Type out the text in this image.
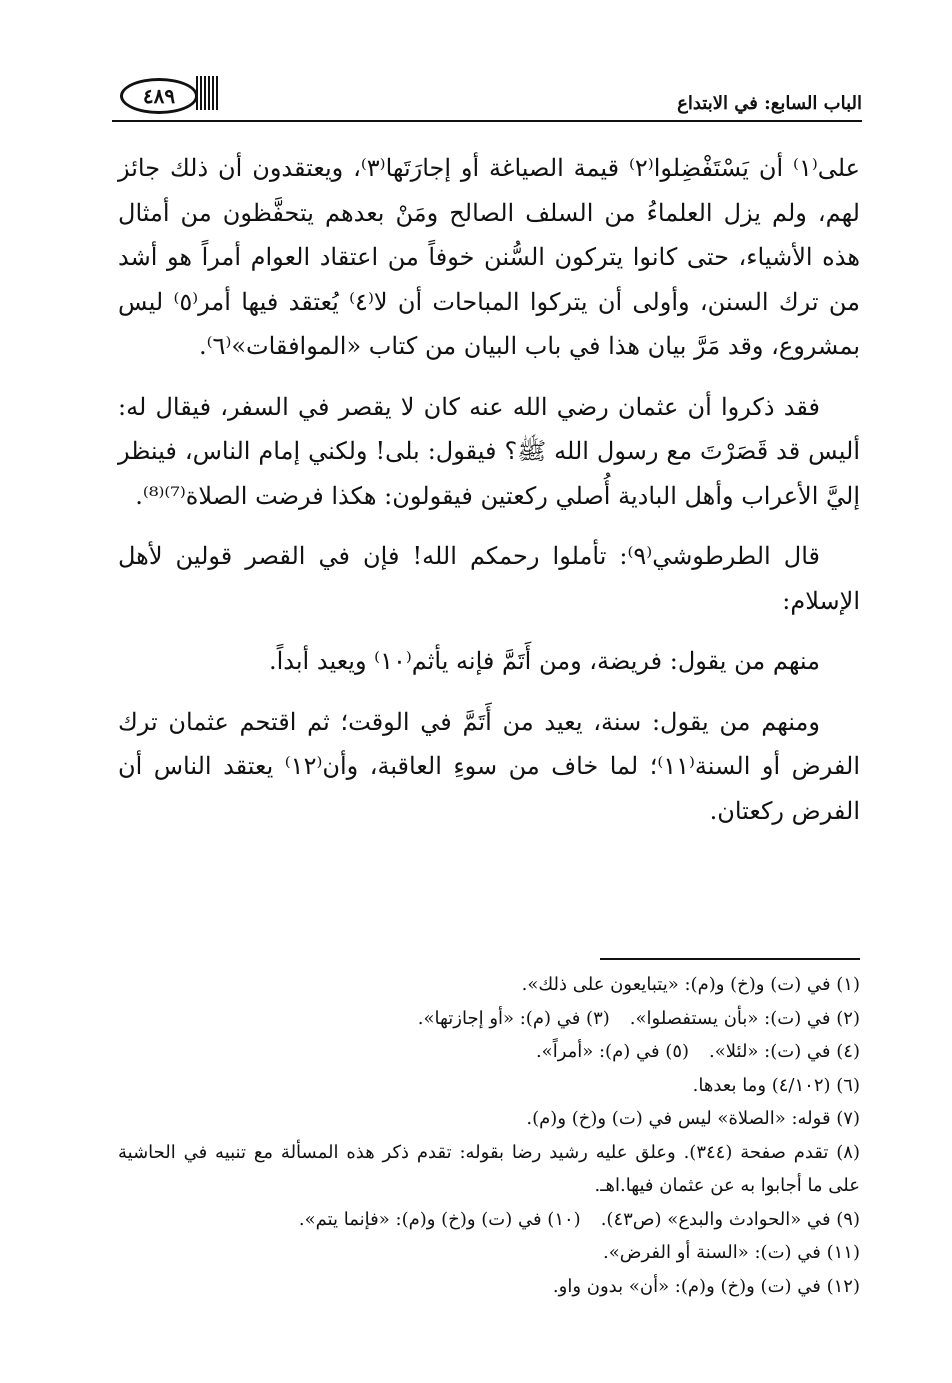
الباب السابع: في الابتداع
٤٨٩

على⁽١⁾ أن يَسْتَفْضِلوا⁽٢⁾ قيمة الصياغة أو إجارَتَها⁽٣⁾، ويعتقدون أن ذلك جائز لهم، ولم يزل العلماءُ من السلف الصالح ومَنْ بعدهم يتحفَّظون من أمثال هذه الأشياء، حتى كانوا يتركون السُّنن خوفاً من اعتقاد العوام أمراً هو أشد من ترك السنن، وأولى أن يتركوا المباحات أن لا⁽٤⁾ يُعتقد فيها أمر⁽٥⁾ ليس بمشروع، وقد مَرَّ بيان هذا في باب البيان من كتاب «الموافقات»⁽٦⁾.

فقد ذكروا أن عثمان رضي الله عنه كان لا يقصر في السفر، فيقال له: أليس قد قَصَرْتَ مع رسول الله ﷺ؟ فيقول: بلى! ولكني إمام الناس، فينظر إليَّ الأعراب وأهل البادية أُصلي ركعتين فيقولون: هكذا فرضت الصلاة⁽⁷⁾⁽⁸⁾.

قال الطرطوشي⁽٩⁾: تأملوا رحمكم الله! فإن في القصر قولين لأهل الإسلام:

منهم من يقول: فريضة، ومن أَتَمَّ فإنه يأثم⁽١٠⁾ ويعيد أبداً.

ومنهم من يقول: سنة، يعيد من أَتَمَّ في الوقت؛ ثم اقتحم عثمان ترك الفرض أو السنة⁽١١⁾؛ لما خاف من سوءِ العاقبة، وأن⁽١٢⁾ يعتقد الناس أن الفرض ركعتان.

(١) في (ت) و(خ) و(م): «يتبايعون على ذلك».
(٢) في (ت): «بأن يستفصلوا».
(٣) في (م): «أو إجازتها».
(٤) في (ت): «لئلا».
(٥) في (م): «أمراً».
(٦) (٤/١٠٢) وما بعدها.
(٧) قوله: «الصلاة» ليس في (ت) و(خ) و(م).
(٨) تقدم صفحة (٣٤٤). وعلق عليه رشيد رضا بقوله: تقدم ذكر هذه المسألة مع تنبيه في الحاشية على ما أجابوا به عن عثمان فيها.اهـ.
(٩) في «الحوادث والبدع» (ص٤٣).
(١٠) في (ت) و(خ) و(م): «فإنما يتم».
(١١) في (ت): «السنة أو الفرض».
(١٢) في (ت) و(خ) و(م): «أن» بدون واو.
